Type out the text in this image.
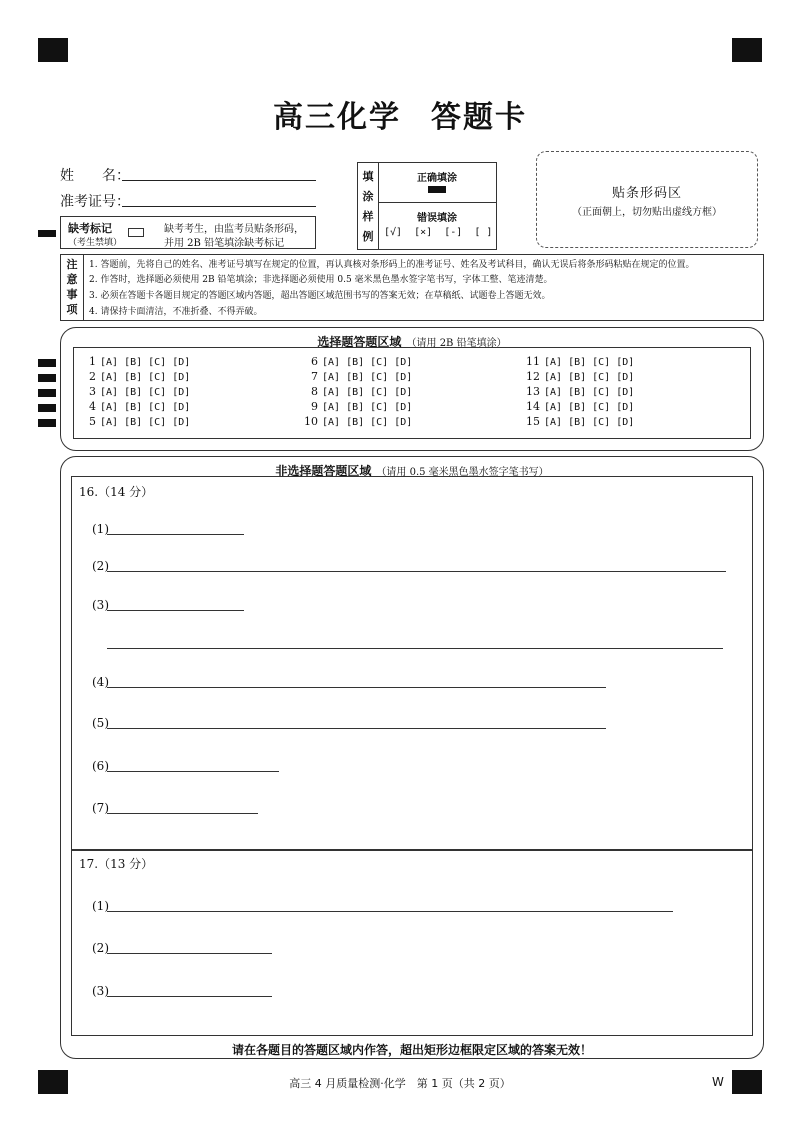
高三化学 答题卡
姓　　名：
准考证号：
缺考标记
（考生禁填）
缺考考生，由监考员贴条形码，
并用 2B 铅笔填涂缺考标记
填
涂
样
例
正确填涂
错误填涂
[√] [×] [-] [ ]
贴条形码区
（正面朝上，切勿贴出虚线方框）
注
意
事
项
1. 答题前，先将自己的姓名、准考证号填写在规定的位置，再认真核对条形码上的准考证号、姓名及考试科目，确认无误后将条形码粘贴在规定的位置。
2. 作答时，选择题必须使用 2B 铅笔填涂；非选择题必须使用 0.5 毫米黑色墨水签字笔书写，字体工整、笔迹清楚。
3. 必须在答题卡各题目规定的答题区域内答题，超出答题区域范围书写的答案无效；在草稿纸、试题卷上答题无效。
4. 请保持卡面清洁，不准折叠、不得弄破。
选择题答题区域 （请用 2B 铅笔填涂）
1 [A] [B] [C] [D]
2 [A] [B] [C] [D]
3 [A] [B] [C] [D]
4 [A] [B] [C] [D]
5 [A] [B] [C] [D]
6 [A] [B] [C] [D]
7 [A] [B] [C] [D]
8 [A] [B] [C] [D]
9 [A] [B] [C] [D]
10 [A] [B] [C] [D]
11 [A] [B] [C] [D]
12 [A] [B] [C] [D]
13 [A] [B] [C] [D]
14 [A] [B] [C] [D]
15 [A] [B] [C] [D]
非选择题答题区域 （请用 0.5 毫米黑色墨水签字笔书写）
请在各题目的答题区域内作答，超出矩形边框限定区域的答案无效！
16.（14 分）
(1)
(2)
(3)
(4)
(5)
(6)
(7)
17.（13 分）
(1)
(2)
(3)
高三 4 月质量检测·化学　第 1 页（共 2 页）	W
